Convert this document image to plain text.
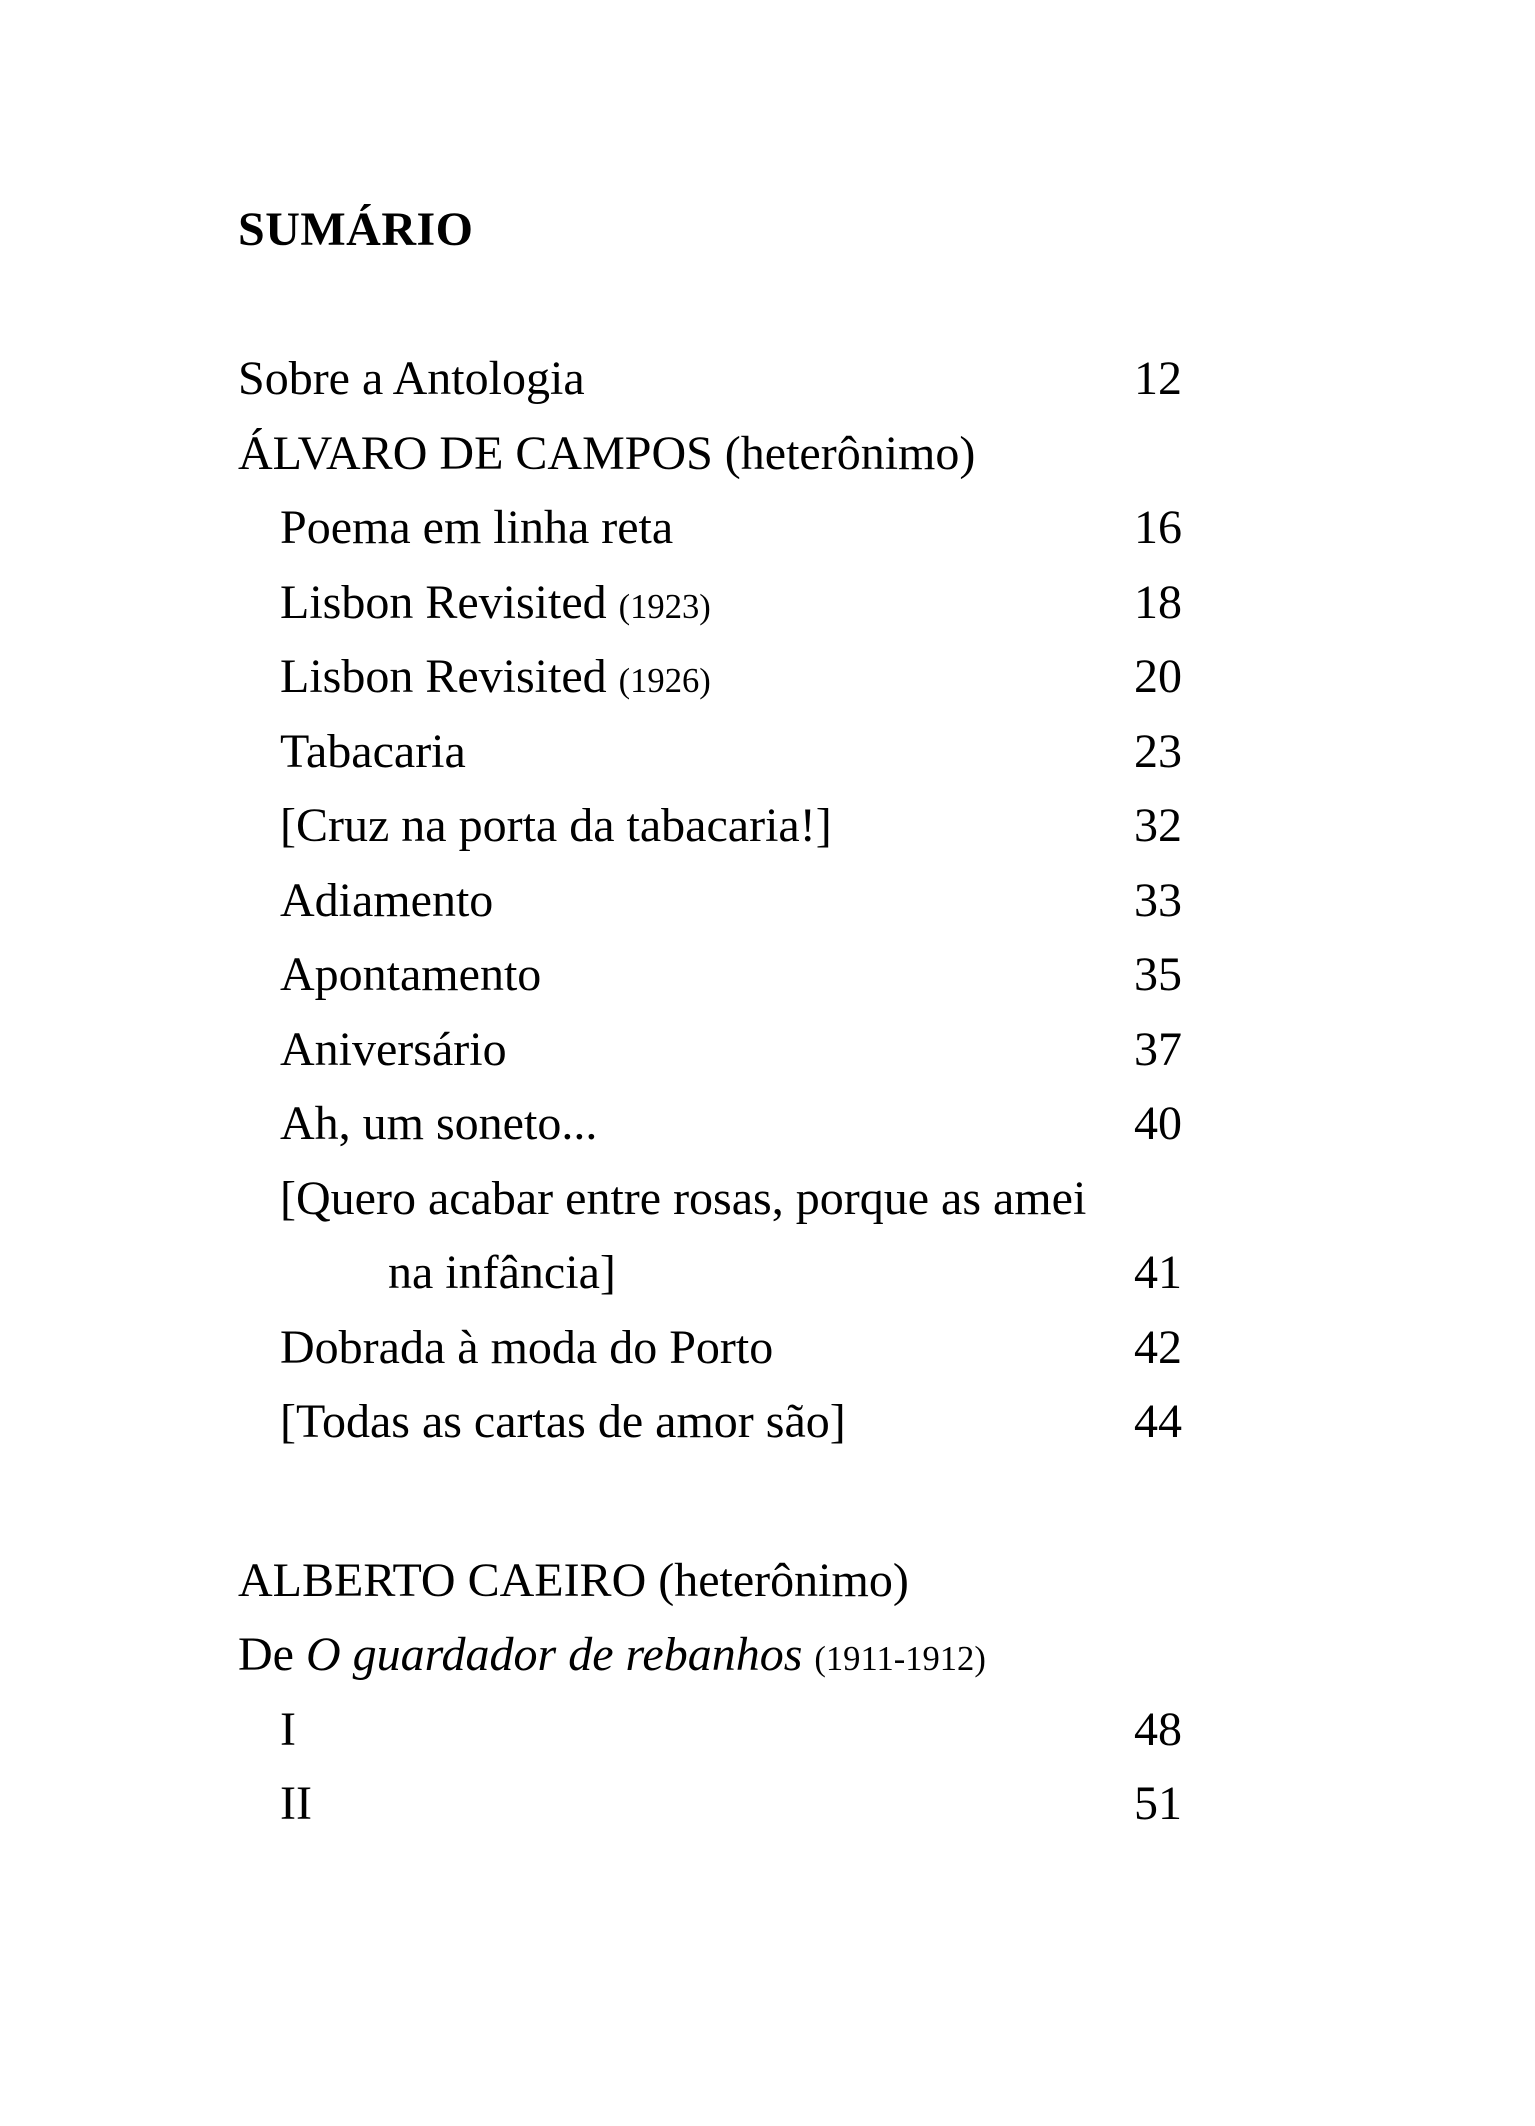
SUMÁRIO
Sobre a Antologia	12
ÁLVARO DE CAMPOS (heterônimo)
Poema em linha reta	16
Lisbon Revisited (1923)	18
Lisbon Revisited (1926)	20
Tabacaria	23
[Cruz na porta da tabacaria!]	32
Adiamento	33
Apontamento	35
Aniversário	37
Ah, um soneto...	40
[Quero acabar entre rosas, porque as amei
na infância]	41
Dobrada à moda do Porto	42
[Todas as cartas de amor são]	44
ALBERTO CAEIRO (heterônimo)
De O guardador de rebanhos (1911-1912)
I	48
II	51
